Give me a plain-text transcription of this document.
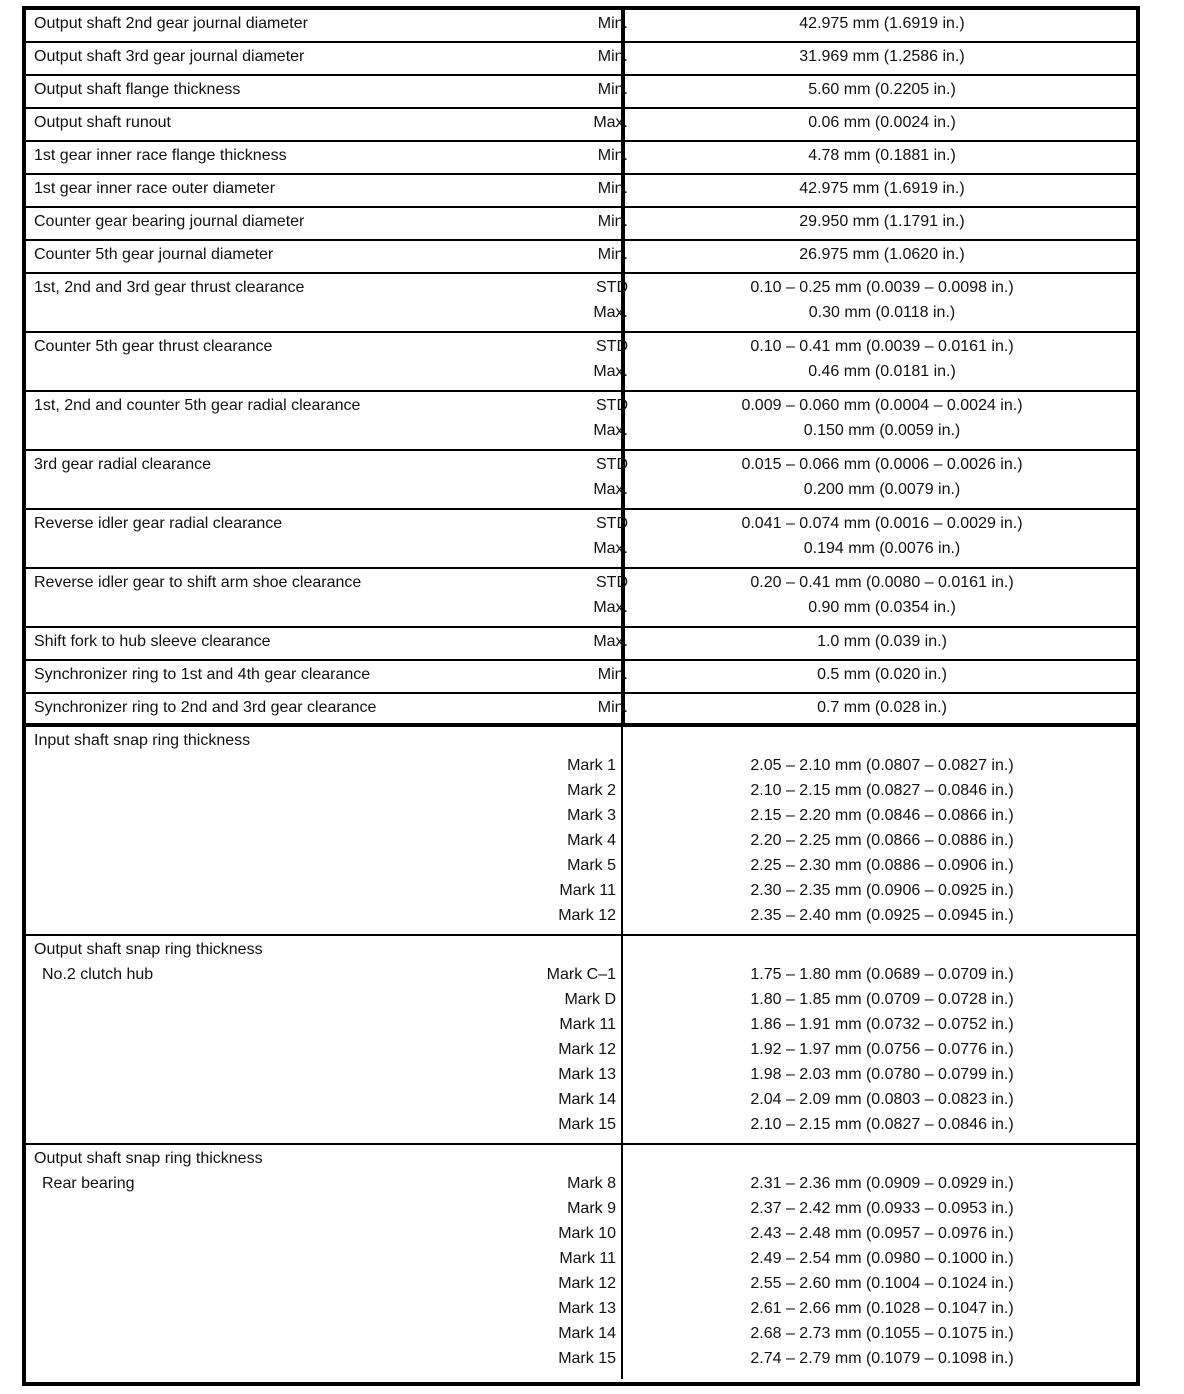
Output shaft 2nd gear journal diameter	Min.	42.975 mm (1.6919 in.)
Output shaft 3rd gear journal diameter	Min.	31.969 mm (1.2586 in.)
Output shaft flange thickness	Min.	5.60 mm (0.2205 in.)
Output shaft runout	Max.	0.06 mm (0.0024 in.)
1st gear inner race flange thickness	Min.	4.78 mm (0.1881 in.)
1st gear inner race outer diameter	Min.	42.975 mm (1.6919 in.)
Counter gear bearing journal diameter	Min.	29.950 mm (1.1791 in.)
Counter 5th gear journal diameter	Min.	26.975 mm (1.0620 in.)
1st, 2nd and 3rd gear thrust clearance	STD	0.10 – 0.25 mm (0.0039 – 0.0098 in.)
Max.	0.30 mm (0.0118 in.)
Counter 5th gear thrust clearance	STD	0.10 – 0.41 mm (0.0039 – 0.0161 in.)
Max.	0.46 mm (0.0181 in.)
1st, 2nd and counter 5th gear radial clearance	STD	0.009 – 0.060 mm (0.0004 – 0.0024 in.)
Max.	0.150 mm (0.0059 in.)
3rd gear radial clearance	STD	0.015 – 0.066 mm (0.0006 – 0.0026 in.)
Max.	0.200 mm (0.0079 in.)
Reverse idler gear radial clearance	STD	0.041 – 0.074 mm (0.0016 – 0.0029 in.)
Max.	0.194 mm (0.0076 in.)
Reverse idler gear to shift arm shoe clearance	STD	0.20 – 0.41 mm (0.0080 – 0.0161 in.)
Max.	0.90 mm (0.0354 in.)
Shift fork to hub sleeve clearance	Max.	1.0 mm (0.039 in.)
Synchronizer ring to 1st and 4th gear clearance	Min.	0.5 mm (0.020 in.)
Synchronizer ring to 2nd and 3rd gear clearance	Min.	0.7 mm (0.028 in.)
Input shaft snap ring thickness
Mark 1	2.05 – 2.10 mm (0.0807 – 0.0827 in.)
Mark 2	2.10 – 2.15 mm (0.0827 – 0.0846 in.)
Mark 3	2.15 – 2.20 mm (0.0846 – 0.0866 in.)
Mark 4	2.20 – 2.25 mm (0.0866 – 0.0886 in.)
Mark 5	2.25 – 2.30 mm (0.0886 – 0.0906 in.)
Mark 11	2.30 – 2.35 mm (0.0906 – 0.0925 in.)
Mark 12	2.35 – 2.40 mm (0.0925 – 0.0945 in.)
Output shaft snap ring thickness
No.2 clutch hub	Mark C–1	1.75 – 1.80 mm (0.0689 – 0.0709 in.)
Mark D	1.80 – 1.85 mm (0.0709 – 0.0728 in.)
Mark 11	1.86 – 1.91 mm (0.0732 – 0.0752 in.)
Mark 12	1.92 – 1.97 mm (0.0756 – 0.0776 in.)
Mark 13	1.98 – 2.03 mm (0.0780 – 0.0799 in.)
Mark 14	2.04 – 2.09 mm (0.0803 – 0.0823 in.)
Mark 15	2.10 – 2.15 mm (0.0827 – 0.0846 in.)
Output shaft snap ring thickness
Rear bearing	Mark 8	2.31 – 2.36 mm (0.0909 – 0.0929 in.)
Mark 9	2.37 – 2.42 mm (0.0933 – 0.0953 in.)
Mark 10	2.43 – 2.48 mm (0.0957 – 0.0976 in.)
Mark 11	2.49 – 2.54 mm (0.0980 – 0.1000 in.)
Mark 12	2.55 – 2.60 mm (0.1004 – 0.1024 in.)
Mark 13	2.61 – 2.66 mm (0.1028 – 0.1047 in.)
Mark 14	2.68 – 2.73 mm (0.1055 – 0.1075 in.)
Mark 15	2.74 – 2.79 mm (0.1079 – 0.1098 in.)
